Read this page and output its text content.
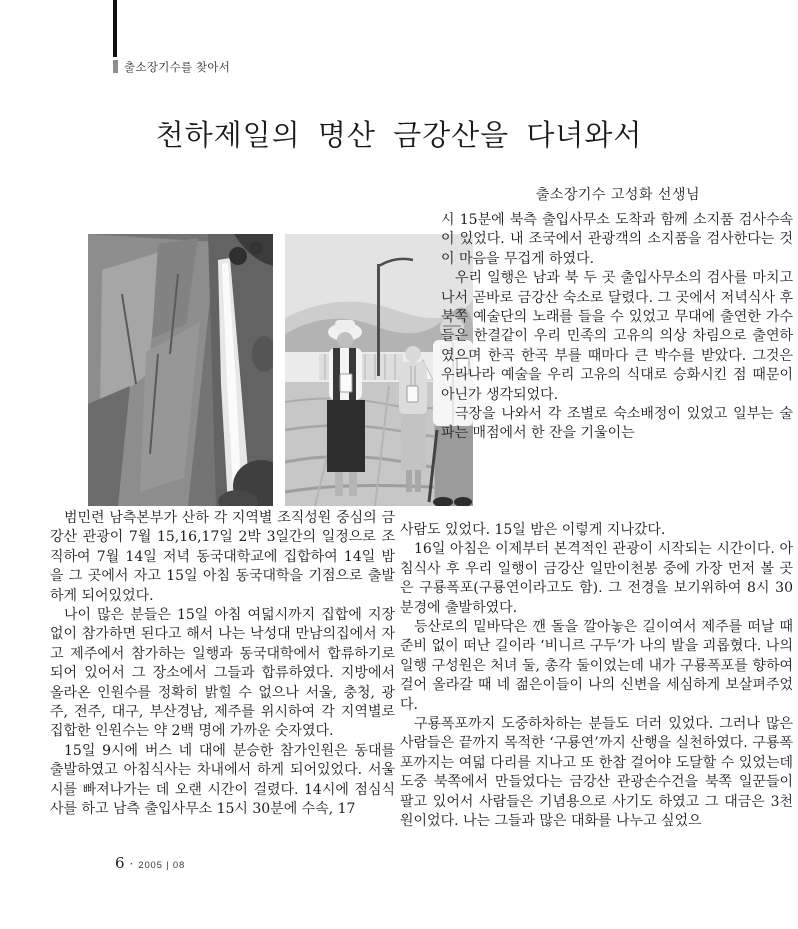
출소장기수를 찾아서
천하제일의 명산 금강산을 다녀와서
출소장기수 고성화 선생님

범민련 남측본부가 산하 각 지역별 조직성원 중심의 금강산 관광이 7월 15,16,17일 2박 3일간의 일정으로 조직하여 7월 14일 저녁 동국대학교에 집합하여 14일 밤을 그 곳에서 자고 15일 아침 동국대학을 기점으로 출발하게 되어있었다.

나이 많은 분들은 15일 아침 여덟시까지 집합에 지장 없이 참가하면 된다고 해서 나는 낙성대 만남의집에서 자고 제주에서 참가하는 일행과 동국대학에서 합류하기로 되어 있어서 그 장소에서 그들과 합류하였다. 지방에서 올라온 인원수를 정확히 밝힐 수 없으나 서울, 충청, 광주, 전주, 대구, 부산경남, 제주를 위시하여 각 지역별로 집합한 인원수는 약 2백 명에 가까운 숫자였다.

15일 9시에 버스 네 대에 분승한 참가인원은 동대를 출발하였고 아침식사는 차내에서 하게 되어있었다. 서울시를 빠져나가는 데 오랜 시간이 걸렸다. 14시에 점심식사를 하고 남측 출입사무소 15시 30분에 수속, 17

시 15분에 북측 출입사무소 도착과 함께 소지품 검사수속이 있었다. 내 조국에서 관광객의 소지품을 검사한다는 것이 마음을 무겁게 하였다.

우리 일행은 남과 북 두 곳 출입사무소의 검사를 마치고 나서 곧바로 금강산 숙소로 달렸다. 그 곳에서 저녁식사 후 북쪽 예술단의 노래를 들을 수 있었고 무대에 출연한 가수들은 한결같이 우리 민족의 고유의 의상 차림으로 출연하였으며 한곡 한곡 부를 때마다 큰 박수를 받았다. 그것은 우리나라 예술을 우리 고유의 식대로 승화시킨 점 때문이 아닌가 생각되었다.

극장을 나와서 각 조별로 숙소배정이 있었고 일부는 술파는 매점에서 한 잔을 기울이는

사람도 있었다. 15일 밤은 이렇게 지나갔다.

16일 아침은 이제부터 본격적인 관광이 시작되는 시간이다. 아침식사 후 우리 일행이 금강산 일만이천봉 중에 가장 먼저 볼 곳은 구룡폭포(구룡연이라고도 함). 그 전경을 보기위하여 8시 30분경에 출발하였다.

등산로의 밑바닥은 깬 돌을 깔아놓은 길이여서 제주를 떠날 때 준비 없이 떠난 길이라 ‘비니르 구두’가 나의 발을 괴롭혔다. 나의 일행 구성원은 처녀 둘, 총각 둘이었는데 내가 구룡폭포를 향하여 걸어 올라갈 때 네 젊은이들이 나의 신변을 세심하게 보살펴주었다.

구룡폭포까지 도중하차하는 분들도 더러 있었다. 그러나 많은 사람들은 끝까지 목적한 ‘구룡연’까지 산행을 실천하였다. 구룡폭포까지는 여덟 다리를 지나고 또 한참 걸어야 도달할 수 있었는데 도중 북쪽에서 만들었다는 금강산 관광손수건을 북쪽 일꾼들이 팔고 있어서 사람들은 기념용으로 사기도 하였고 그 대금은 3천원이었다. 나는 그들과 많은 대화를 나누고 싶었으

6 · 2005 | 08
